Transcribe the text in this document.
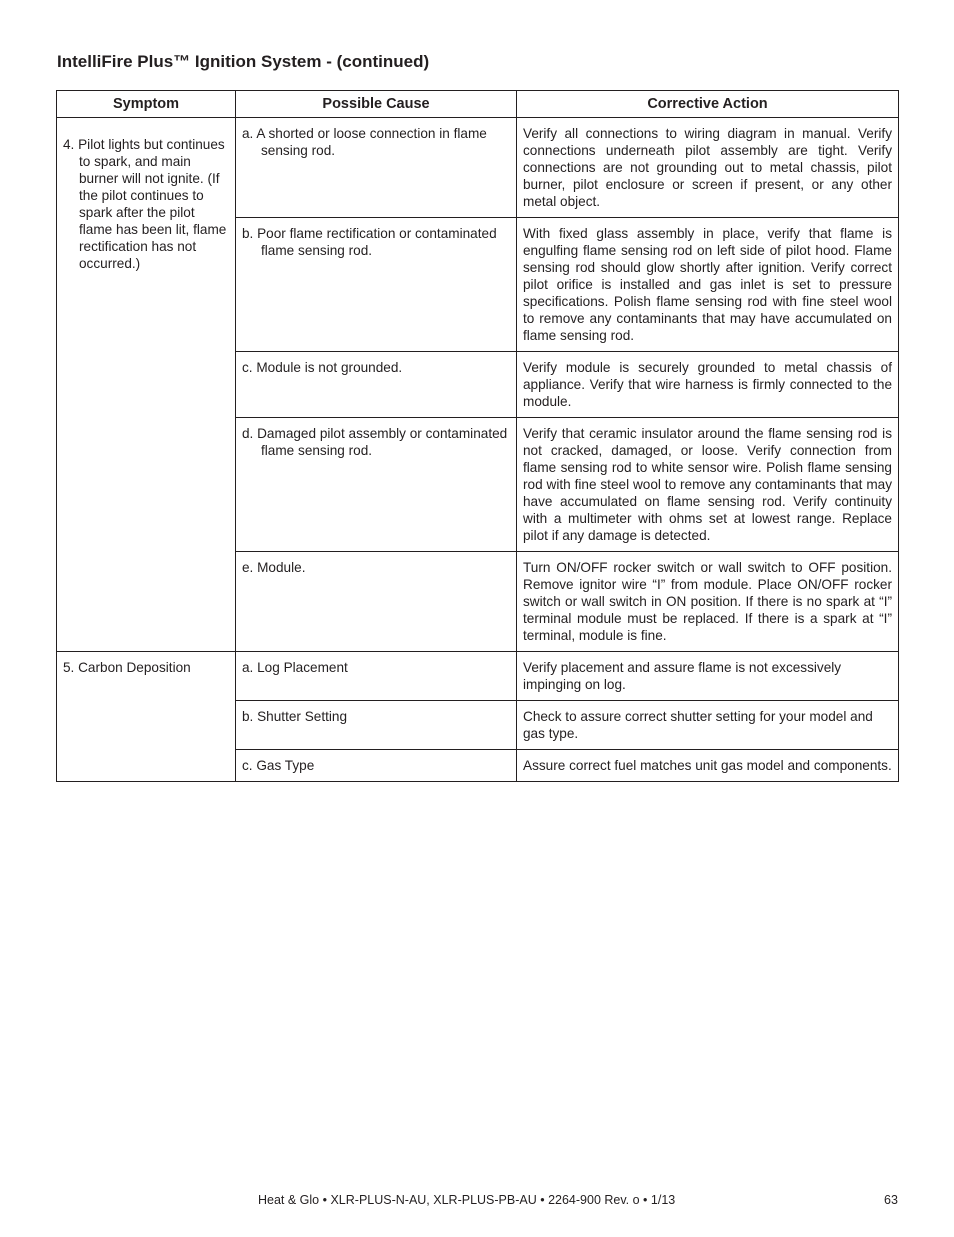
IntelliFire Plus™ Ignition System - (continued)
Symptom	Possible Cause	Corrective Action

4. Pilot lights but continues to spark, and main burner will not ignite. (If the pilot continues to spark after the pilot flame has been lit, flame rectification has not occurred.)	a. A shorted or loose connection in flame sensing rod.	Verify all connections to wiring diagram in manual. Verify connections underneath pilot assembly are tight. Verify connections are not grounding out to metal chassis, pilot burner, pilot enclosure or screen if present, or any other metal object.

	b. Poor flame rectification or contaminated flame sensing rod.	With fixed glass assembly in place, verify that flame is engulfing flame sensing rod on left side of pilot hood. Flame sensing rod should glow shortly after ignition. Verify correct pilot orifice is installed and gas inlet is set to pressure specifications. Polish flame sensing rod with fine steel wool to remove any contaminants that may have accumulated on flame sensing rod.

	c. Module is not grounded.	Verify module is securely grounded to metal chassis of appliance. Verify that wire harness is firmly connected to the module.

	d. Damaged pilot assembly or contaminated flame sensing rod.	Verify that ceramic insulator around the flame sensing rod is not cracked, damaged, or loose. Verify connection from flame sensing rod to white sensor wire. Polish flame sensing rod with fine steel wool to remove any contaminants that may have accumulated on flame sensing rod. Verify continuity with a multimeter with ohms set at lowest range. Replace pilot if any damage is detected.

	e. Module.	Turn ON/OFF rocker switch or wall switch to OFF position. Remove ignitor wire “I” from module. Place ON/OFF rocker switch or wall switch in ON position. If there is no spark at “I” terminal module must be replaced. If there is a spark at “I” terminal, module is fine.

5. Carbon Deposition	a. Log Placement	Verify placement and assure flame is not excessively impinging on log.

	b. Shutter Setting	Check to assure correct shutter setting for your model and gas type.

	c. Gas Type	Assure correct fuel matches unit gas model and components.
Heat & Glo • XLR-PLUS-N-AU, XLR-PLUS-PB-AU • 2264-900 Rev. o • 1/13	63
